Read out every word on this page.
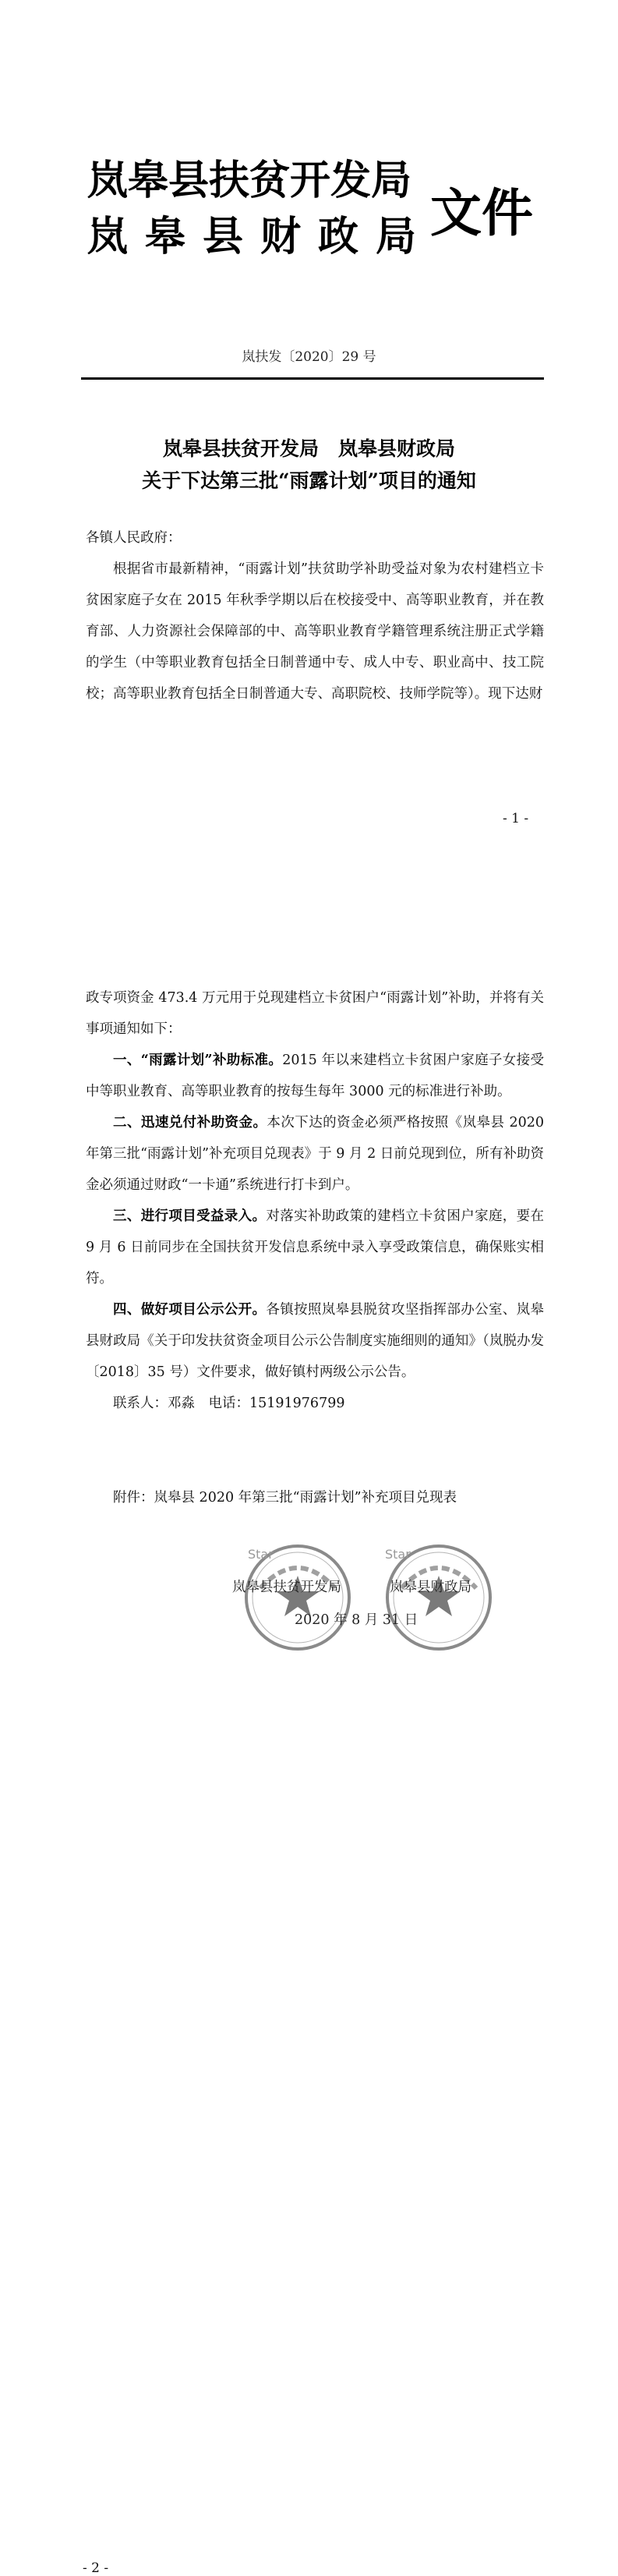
岚皋县扶贫开发局
岚皋县财政局
文件
岚扶发〔2020〕29 号
岚皋县扶贫开发局　岚皋县财政局
关于下达第三批“雨露计划”项目的通知
各镇人民政府：
根据省市最新精神，“雨露计划”扶贫助学补助受益对象为农村建档立卡贫困家庭子女在 2015 年秋季学期以后在校接受中、高等职业教育，并在教育部、人力资源社会保障部的中、高等职业教育学籍管理系统注册正式学籍的学生（中等职业教育包括全日制普通中专、成人中专、职业高中、技工院校；高等职业教育包括全日制普通大专、高职院校、技师学院等）。现下达财
- 1 -

政专项资金 473.4 万元用于兑现建档立卡贫困户“雨露计划”补助，并将有关事项通知如下：

一、“雨露计划”补助标准。2015 年以来建档立卡贫困户家庭子女接受中等职业教育、高等职业教育的按每生每年 3000 元的标准进行补助。

二、迅速兑付补助资金。本次下达的资金必须严格按照《岚皋县 2020 年第三批“雨露计划”补充项目兑现表》于 9 月 2 日前兑现到位，所有补助资金必须通过财政“一卡通”系统进行打卡到户。

三、进行项目受益录入。对落实补助政策的建档立卡贫困户家庭，要在 9 月 6 日前同步在全国扶贫开发信息系统中录入享受政策信息，确保账实相符。

四、做好项目公示公开。各镇按照岚皋县脱贫攻坚指挥部办公室、岚皋县财政局《关于印发扶贫资金项目公示公告制度实施细则的通知》（岚脱办发〔2018〕35 号）文件要求，做好镇村两级公示公告。

联系人：邓淼　电话：15191976799

附件：岚皋县 2020 年第三批“雨露计划”补充项目兑现表
Star	Star
岚皋县扶贫开发局	岚皋县财政局
2020 年 8 月 31 日
- 2 -
